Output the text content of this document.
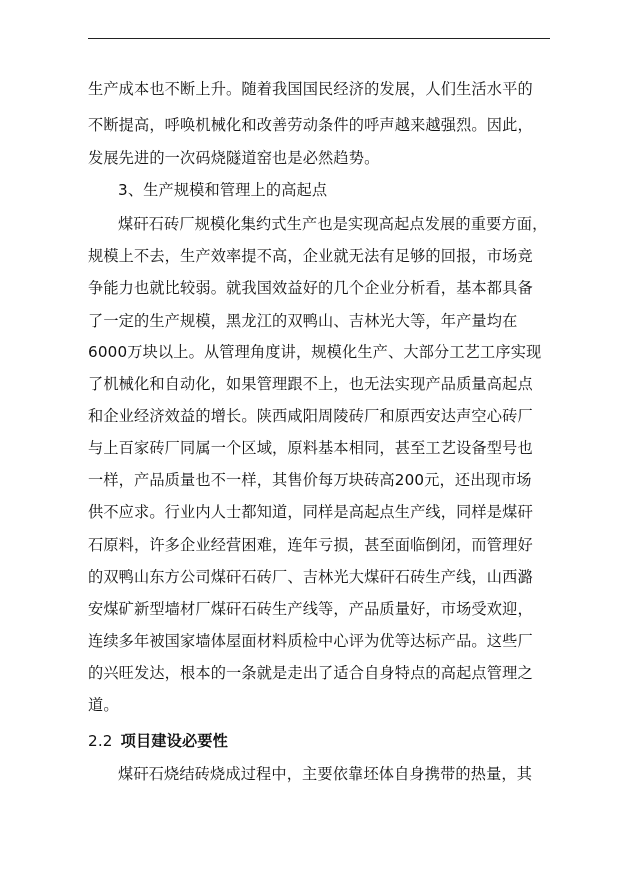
生产成本也不断上升。随着我国国民经济的发展，人们生活水平的
不断提高，呼唤机械化和改善劳动条件的呼声越来越强烈。因此，
发展先进的一次码烧隧道窑也是必然趋势。
3、生产规模和管理上的高起点
煤矸石砖厂规模化集约式生产也是实现高起点发展的重要方面，
规模上不去，生产效率提不高，企业就无法有足够的回报，市场竞
争能力也就比较弱。就我国效益好的几个企业分析看，基本都具备
了一定的生产规模，黑龙江的双鸭山、吉林光大等，年产量均在
6000万块以上。从管理角度讲，规模化生产、大部分工艺工序实现
了机械化和自动化，如果管理跟不上，也无法实现产品质量高起点
和企业经济效益的增长。陕西咸阳周陵砖厂和原西安达声空心砖厂
与上百家砖厂同属一个区域，原料基本相同，甚至工艺设备型号也
一样，产品质量也不一样，其售价每万块砖高200元，还出现市场
供不应求。行业内人士都知道，同样是高起点生产线，同样是煤矸
石原料，许多企业经营困难，连年亏损，甚至面临倒闭，而管理好
的双鸭山东方公司煤矸石砖厂、吉林光大煤矸石砖生产线，山西潞
安煤矿新型墙材厂煤矸石砖生产线等，产品质量好，市场受欢迎，
连续多年被国家墙体屋面材料质检中心评为优等达标产品。这些厂
的兴旺发达，根本的一条就是走出了适合自身特点的高起点管理之
道。
2.2 项目建设必要性
煤矸石烧结砖烧成过程中，主要依靠坯体自身携带的热量，其
